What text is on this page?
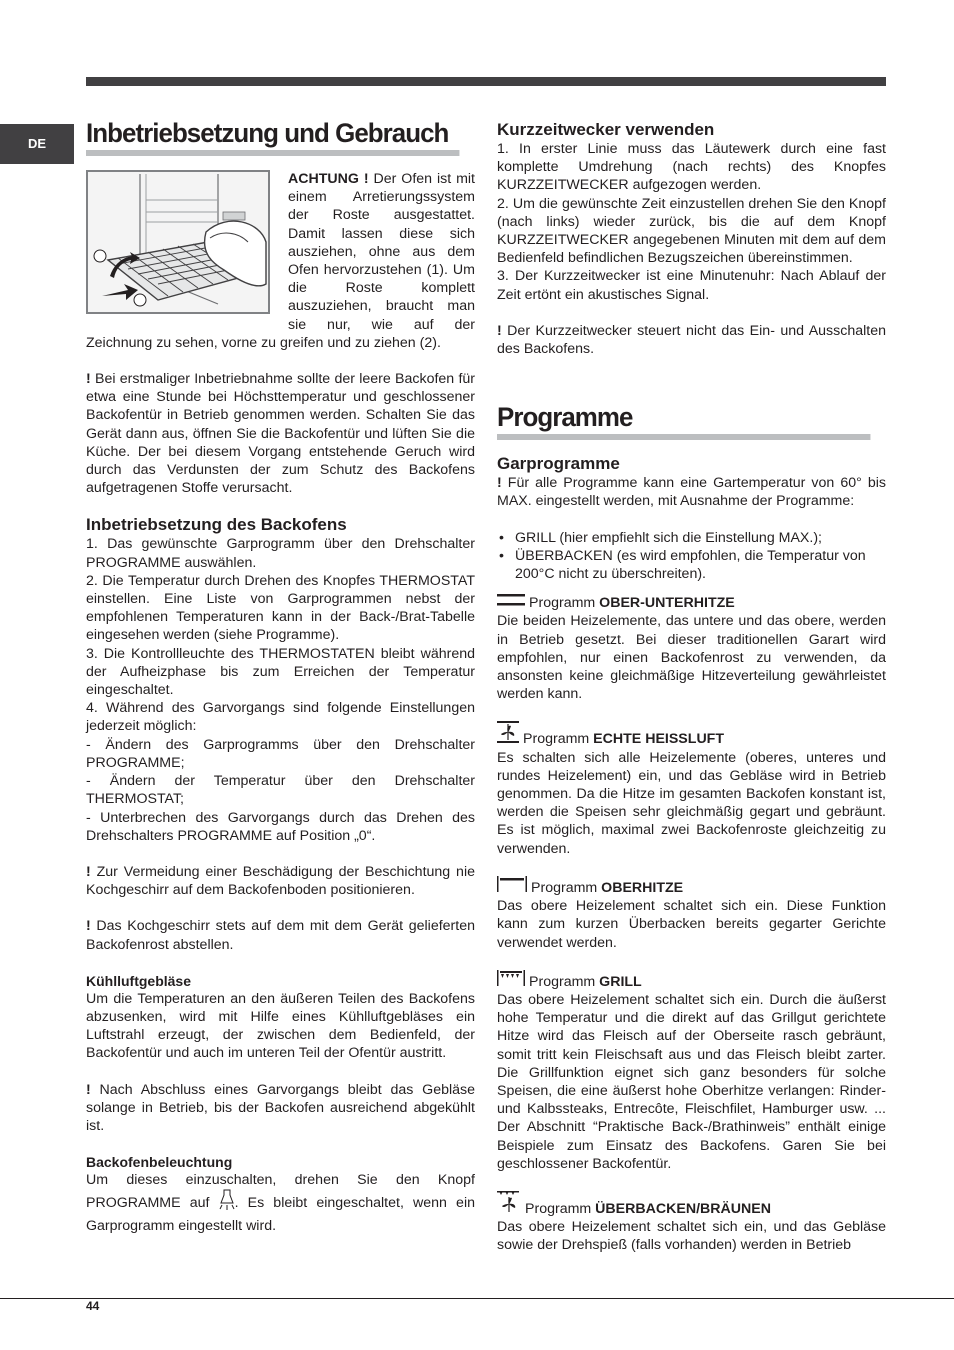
DE	Inbetriebsetzung und Gebrauch

ACHTUNG ! Der Ofen ist mit einem Arretierungssystem der Roste ausgestattet. Damit lassen diese sich ausziehen, ohne aus dem Ofen hervorzustehen (1). Um die Roste komplett auszuziehen, braucht man sie nur, wie auf der Zeichnung zu sehen, vorne zu greifen und zu ziehen (2).

! Bei erstmaliger Inbetriebnahme sollte der leere Backofen für etwa eine Stunde bei Höchsttemperatur und geschlossener Backofentür in Betrieb genommen werden. Schalten Sie das Gerät dann aus, öffnen Sie die Backofentür und lüften Sie die Küche. Der bei diesem Vorgang entstehende Geruch wird durch das Verdunsten der zum Schutz des Backofens aufgetragenen Stoffe verursacht.

Inbetriebsetzung des Backofens

1. Das gewünschte Garprogramm über den Drehschalter PROGRAMME auswählen.

2. Die Temperatur durch Drehen des Knopfes THERMOSTAT einstellen. Eine Liste von Garprogrammen nebst der empfohlenen Temperaturen kann in der Back-/Brat-Tabelle eingesehen werden (siehe Programme).

3. Die Kontrollleuchte des THERMOSTATEN bleibt während der Aufheizphase bis zum Erreichen der Temperatur eingeschaltet.

4. Während des Garvorgangs sind folgende Einstellungen jederzeit möglich:

- Ändern des Garprogramms über den Drehschalter PROGRAMME;

- Ändern der Temperatur über den Drehschalter THERMOSTAT;

- Unterbrechen des Garvorgangs durch das Drehen des Drehschalters PROGRAMME auf Position „0“.

! Zur Vermeidung einer Beschädigung der Beschichtung nie Kochgeschirr auf dem Backofenboden positionieren.

! Das Kochgeschirr stets auf dem mit dem Gerät gelieferten Backofenrost abstellen.

Kühlluftgebläse

Um die Temperaturen an den äußeren Teilen des Backofens abzusenken, wird mit Hilfe eines Kühlluftgebläses ein Luftstrahl erzeugt, der zwischen dem Bedienfeld, der Backofentür und auch im unteren Teil der Ofentür austritt.

! Nach Abschluss eines Garvorgangs bleibt das Gebläse solange in Betrieb, bis der Backofen ausreichend abgekühlt ist.

Backofenbeleuchtung

Um dieses einzuschalten, drehen Sie den Knopf PROGRAMME auf . Es bleibt eingeschaltet, wenn ein Garprogramm eingestellt wird.

Kurzzeitwecker verwenden

1. In erster Linie muss das Läutewerk durch eine fast komplette Umdrehung (nach rechts) des Knopfes KURZZEITWECKER aufgezogen werden.

2. Um die gewünschte Zeit einzustellen drehen Sie den Knopf (nach links) wieder zurück, bis die auf dem Knopf KURZZEITWECKER angegebenen Minuten mit dem auf dem Bedienfeld befindlichen Bezugszeichen übereinstimmen.

3. Der Kurzzeitwecker ist eine Minutenuhr: Nach Ablauf der Zeit ertönt ein akustisches Signal.

! Der Kurzzeitwecker steuert nicht das Ein- und Ausschalten des Backofens.

Programme
Garprogramme

! Für alle Programme kann eine Gartemperatur von 60° bis MAX. eingestellt werden, mit Ausnahme der Programme:

• GRILL (hier empfiehlt sich die Einstellung MAX.);
• ÜBERBACKEN (es wird empfohlen, die Temperatur von 200°C nicht zu überschreiten).
Programm OBER-UNTERHITZE

Die beiden Heizelemente, das untere und das obere, werden in Betrieb gesetzt. Bei dieser traditionellen Garart wird empfohlen, nur einen Backofenrost zu verwenden, da ansonsten keine gleichmäßige Hitzeverteilung gewährleistet werden kann.

Programm ECHTE HEISSLUFT

Es schalten sich alle Heizelemente (oberes, unteres und rundes Heizelement) ein, und das Gebläse wird in Betrieb genommen. Da die Hitze im gesamten Backofen konstant ist, werden die Speisen sehr gleichmäßig gegart und gebräunt. Es ist möglich, maximal zwei Backofenroste gleichzeitig zu verwenden.

Programm OBERHITZE

Das obere Heizelement schaltet sich ein. Diese Funktion kann zum kurzen Überbacken bereits gegarter Gerichte verwendet werden.

Programm GRILL

Das obere Heizelement schaltet sich ein. Durch die äußerst hohe Temperatur und die direkt auf das Grillgut gerichtete Hitze wird das Fleisch auf der Oberseite rasch gebräunt, somit tritt kein Fleischsaft aus und das Fleisch bleibt zarter. Die Grillfunktion eignet sich ganz besonders für solche Speisen, die eine äußerst hohe Oberhitze verlangen: Rinder- und Kalbssteaks, Entrecôte, Fleischfilet, Hamburger usw. ... Der Abschnitt “Praktische Back-/Brathinweis” enthält einige Beispiele zum Einsatz des Backofens. Garen Sie bei geschlossener Backofentür.

Programm ÜBERBACKEN/BRÄUNEN

Das obere Heizelement schaltet sich ein, und das Gebläse sowie der Drehspieß (falls vorhanden) werden in Betrieb

44
